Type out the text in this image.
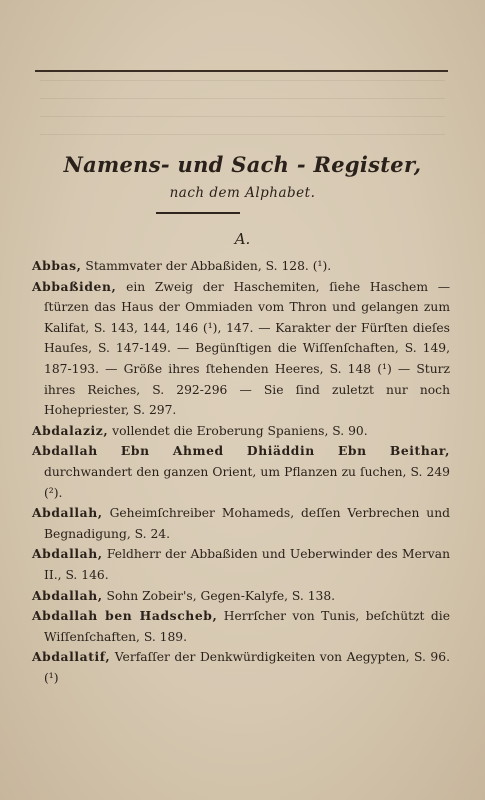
Namens- und Sach - Register,
nach dem Alphabet.
A.

Abbas, Stammvater der Abbaßiden, S. 128. (¹).

Abbaßiden, ein Zweig der Haschemiten, ſiehe Haschem — ſtürzen das Haus der Ommiaden vom Thron und gelangen zum Kalifat, S. 143, 144, 146 (¹), 147. — Karakter der Fürſten dieſes Hauſes, S. 147-149. — Begünſtigen die Wiſſenſchaften, S. 149, 187-193. — Größe ihres ſtehenden Heeres, S. 148 (¹) — Sturz ihres Reiches, S. 292-296 — Sie ſind zuletzt nur noch Hohepriester, S. 297.

Abdalaziz, vollendet die Eroberung Spaniens, S. 90.

Abdallah Ebn Ahmed Dhiäddin Ebn Beithar, durchwandert den ganzen Orient, um Pflanzen zu ſuchen, S. 249 (²).

Abdallah, Geheimſchreiber Mohameds, deſſen Verbrechen und Begnadigung, S. 24.

Abdallah, Feldherr der Abbaßiden und Ueberwinder des Mervan II., S. 146.

Abdallah, Sohn Zobeir's, Gegen-Kalyfe, S. 138.

Abdallah ben Hadscheb, Herrſcher von Tunis, beſchützt die Wiſſenſchaften, S. 189.

Abdallatif, Verfaſſer der Denkwürdigkeiten von Aegypten, S. 96. (¹)
